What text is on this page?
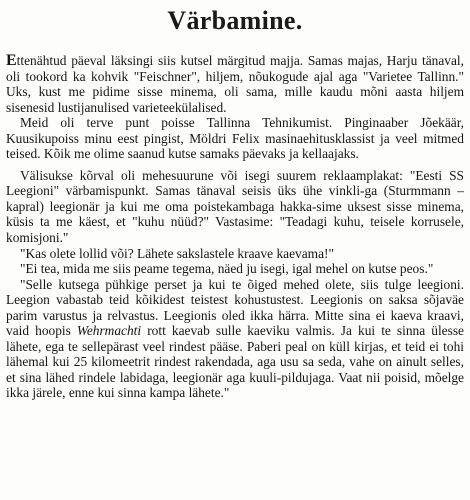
Värbamine.

Ettenähtud päeval läksingi siis kutsel märgitud majja. Samas majas, Harju tänaval, oli tookord ka kohvik "Feischner", hiljem, nõukogude ajal aga "Varietee Tallinn." Uks, kust me pidime sisse minema, oli sama, mille kaudu mõni aasta hiljem sisenesid lustijanulised varieteekülalised.

Meid oli terve punt poisse Tallinna Tehnikumist. Pinginaaber Jõekäär, Kuusikupoiss minu eest pingist, Möldri Felix masinaehitusklassist ja veel mitmed teised. Kõik me olime saanud kutse samaks päevaks ja kellaajaks.

Välisukse kõrval oli mehesuurune või isegi suurem reklaamplakat: "Eesti SS Leegioni" värbamispunkt. Samas tänaval seisis üks ühe vinkli-ga (Sturmmann – kapral) leegionär ja kui me oma poistekambaga hakka-sime uksest sisse minema, küsis ta me käest, et "kuhu nüüd?" Vastasime: "Teadagi kuhu, teisele korrusele, komisjoni."

"Kas olete lollid või? Lähete sakslastele kraave kaevama!"

"Ei tea, mida me siis peame tegema, näed ju isegi, igal mehel on kutse peos."

"Selle kutsega pühkige perset ja kui te õiged mehed olete, siis tulge leegioni. Leegion vabastab teid kõikidest teistest kohustustest. Leegionis on saksa sõjaväe parim varustus ja relvastus. Leegionis oled ikka härra. Mitte sina ei kaeva kraavi, vaid hoopis Wehrmachti rott kaevab sulle kaeviku valmis. Ja kui te sinna ülesse lähete, ega te sellepärast veel rindest pääse. Paberi peal on küll kirjas, et teid ei tohi lähemal kui 25 kilomeetrit rindest rakendada, aga usu sa seda, vahe on ainult selles, et sina lähed rindele labidaga, leegionär aga kuuli-pildujaga. Vaat nii poisid, mõelge ikka järele, enne kui sinna kampa lähete."
